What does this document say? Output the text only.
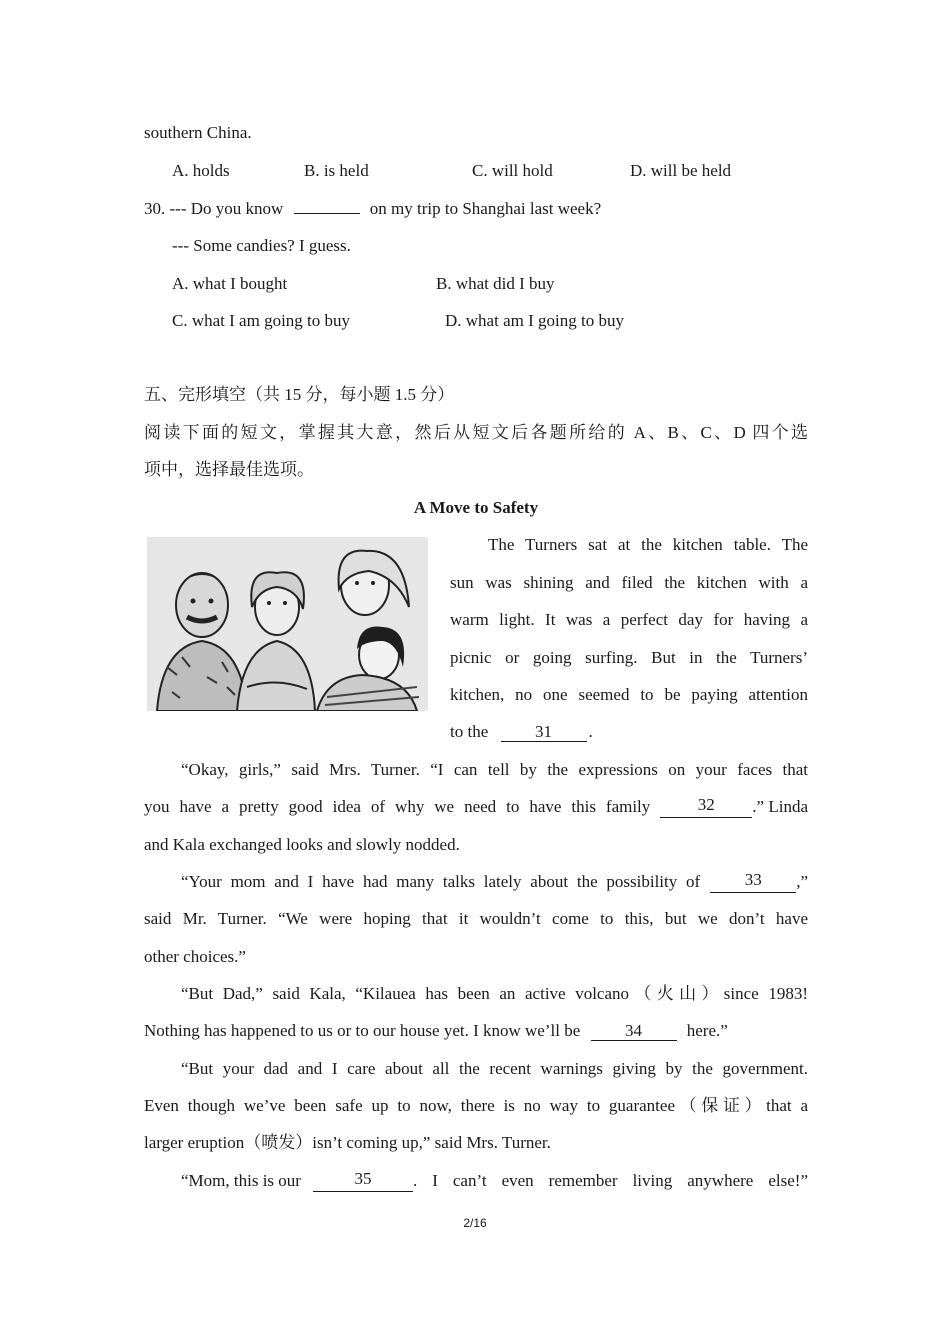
southern China.
A. holds	B. is held	C. will hold	D. will be held
30. --- Do you know	on my trip to Shanghai last week?
--- Some candies? I guess.
A. what I bought	B. what did I buy
C. what I am going to buy	D. what am I going to buy
五、完形填空（共 15 分，每小题 1.5 分）
阅读下面的短文，掌握其大意，然后从短文后各题所给的 A、B、C、D 四个选
项中，选择最佳选项。
A Move to Safety
The Turners sat at the kitchen table. The
sun was shining and filed the kitchen with a
warm light. It was a perfect day for having a
picnic or going surfing. But in the Turners’
kitchen, no one seemed to be paying attention
to the	31 .
“Okay, girls,” said Mrs. Turner. “I can tell by the expressions on your faces that
you have a pretty good idea of why we need to have this family	32	.” Linda
and Kala exchanged looks and slowly nodded.
“Your mom and I have had many talks lately about the possibility of	33	,”
said Mr. Turner. “We were hoping that it wouldn’t come to this, but we don’t have
other choices.”
“But Dad,” said Kala, “Kilauea has been an active volcano（火山）since 1983!
Nothing has happened to us or to our house yet. I know we’ll be	34	here.”
“But your dad and I care about all the recent warnings giving by the government.
Even though we’ve been safe up to now, there is no way to guarantee（保证）that a
larger eruption（喷发）isn’t coming up,” said Mrs. Turner.
“Mom, this is our	35	. I can’t even remember living anywhere else!”
2/16
